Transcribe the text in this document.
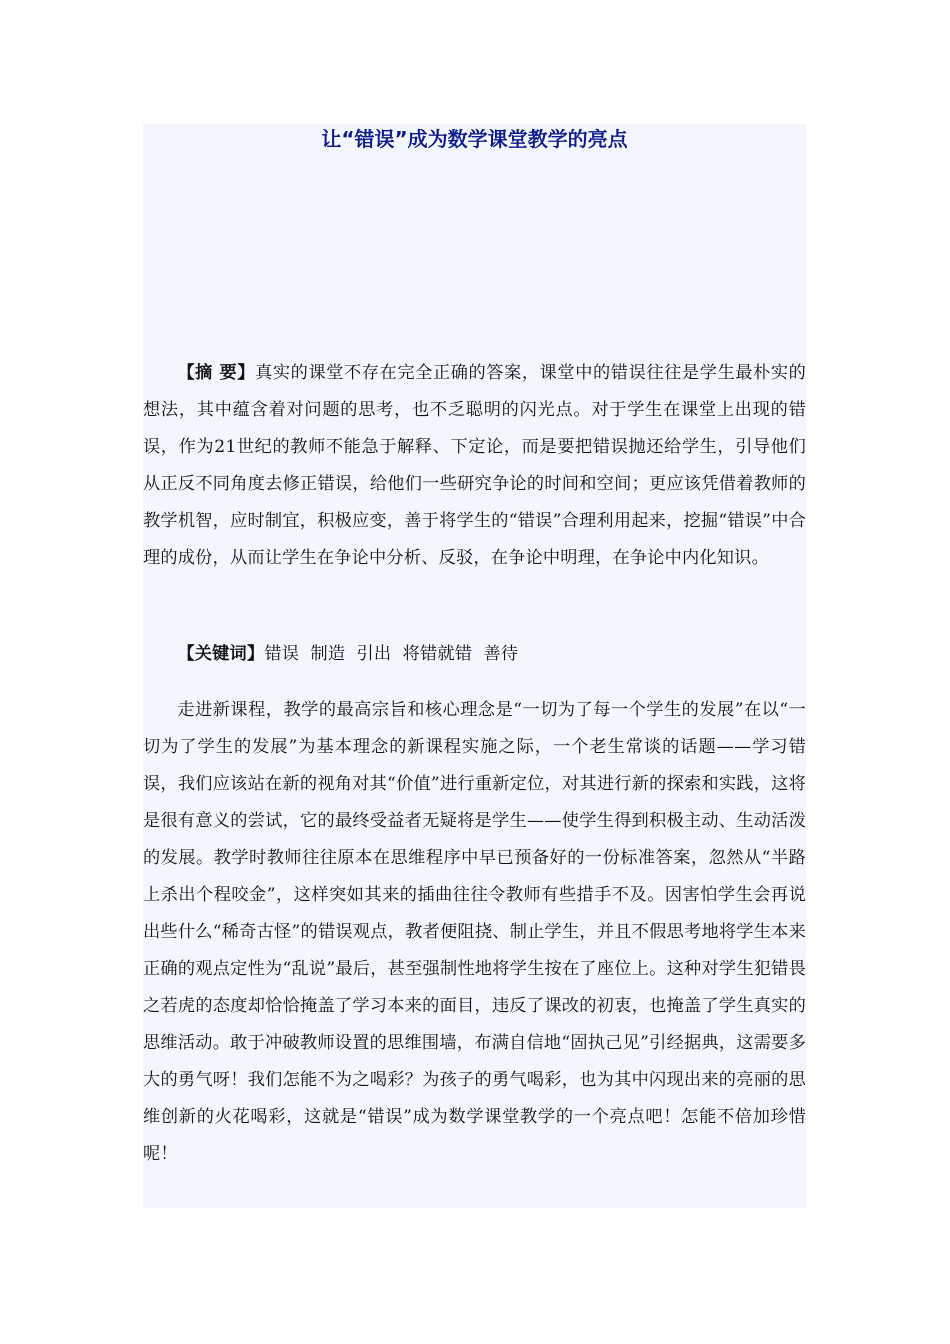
让“错误”成为数学课堂教学的亮点

【摘 要】真实的课堂不存在完全正确的答案，课堂中的错误往往是学生最朴实的想法，其中蕴含着对问题的思考，也不乏聪明的闪光点。对于学生在课堂上出现的错误，作为21世纪的教师不能急于解释、下定论，而是要把错误抛还给学生，引导他们从正反不同角度去修正错误，给他们一些研究争论的时间和空间；更应该凭借着教师的教学机智，应时制宜，积极应变，善于将学生的“错误”合理利用起来，挖掘“错误”中合理的成份，从而让学生在争论中分析、反驳，在争论中明理，在争论中内化知识。

【关键词】错误  制造  引出  将错就错  善待

走进新课程，教学的最高宗旨和核心理念是“一切为了每一个学生的发展”在以“一切为了学生的发展”为基本理念的新课程实施之际，一个老生常谈的话题——学习错误，我们应该站在新的视角对其“价值”进行重新定位，对其进行新的探索和实践，这将是很有意义的尝试，它的最终受益者无疑将是学生——使学生得到积极主动、生动活泼的发展。教学时教师往往原本在思维程序中早已预备好的一份标准答案，忽然从“半路上杀出个程咬金”，这样突如其来的插曲往往令教师有些措手不及。因害怕学生会再说出些什么“稀奇古怪”的错误观点，教者便阻挠、制止学生，并且不假思考地将学生本来正确的观点定性为“乱说”最后，甚至强制性地将学生按在了座位上。这种对学生犯错畏之若虎的态度却恰恰掩盖了学习本来的面目，违反了课改的初衷，也掩盖了学生真实的思维活动。敢于冲破教师设置的思维围墙，布满自信地“固执己见”引经据典，这需要多大的勇气呀！我们怎能不为之喝彩？为孩子的勇气喝彩，也为其中闪现出来的亮丽的思维创新的火花喝彩，这就是“错误”成为数学课堂教学的一个亮点吧！怎能不倍加珍惜呢！
